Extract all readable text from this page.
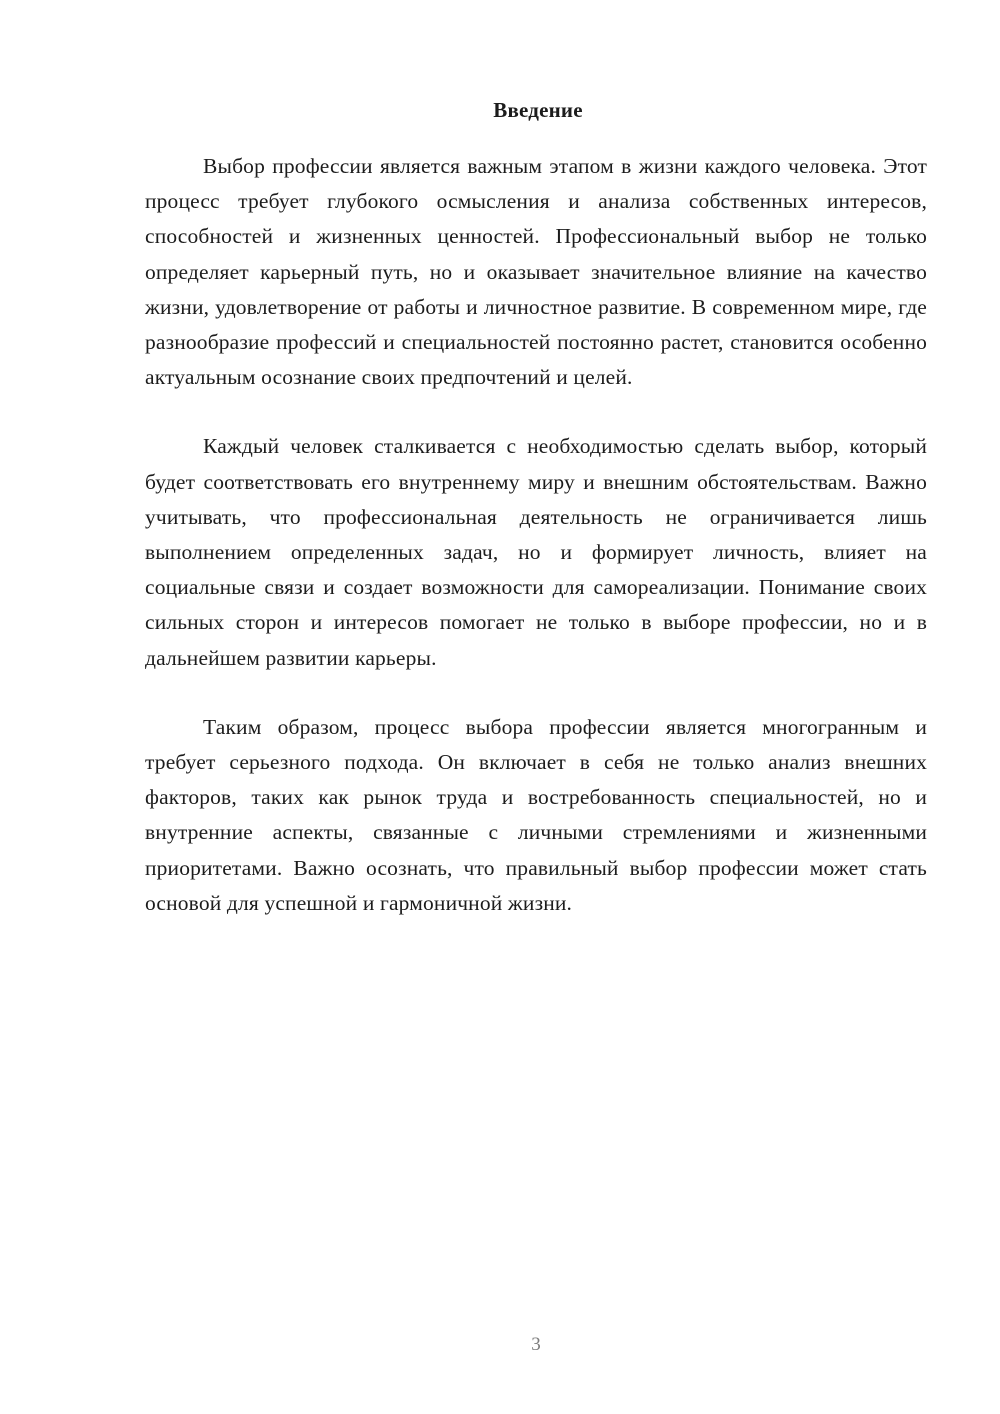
Введение

Выбор профессии является важным этапом в жизни каждого человека. Этот процесс требует глубокого осмысления и анализа собственных интересов, способностей и жизненных ценностей. Профессиональный выбор не только определяет карьерный путь, но и оказывает значительное влияние на качество жизни, удовлетворение от работы и личностное развитие. В современном мире, где разнообразие профессий и специальностей постоянно растет, становится особенно актуальным осознание своих предпочтений и целей.

Каждый человек сталкивается с необходимостью сделать выбор, который будет соответствовать его внутреннему миру и внешним обстоятельствам. Важно учитывать, что профессиональная деятельность не ограничивается лишь выполнением определенных задач, но и формирует личность, влияет на социальные связи и создает возможности для самореализации. Понимание своих сильных сторон и интересов помогает не только в выборе профессии, но и в дальнейшем развитии карьеры.

Таким образом, процесс выбора профессии является многогранным и требует серьезного подхода. Он включает в себя не только анализ внешних факторов, таких как рынок труда и востребованность специальностей, но и внутренние аспекты, связанные с личными стремлениями и жизненными приоритетами. Важно осознать, что правильный выбор профессии может стать основой для успешной и гармоничной жизни.

3
